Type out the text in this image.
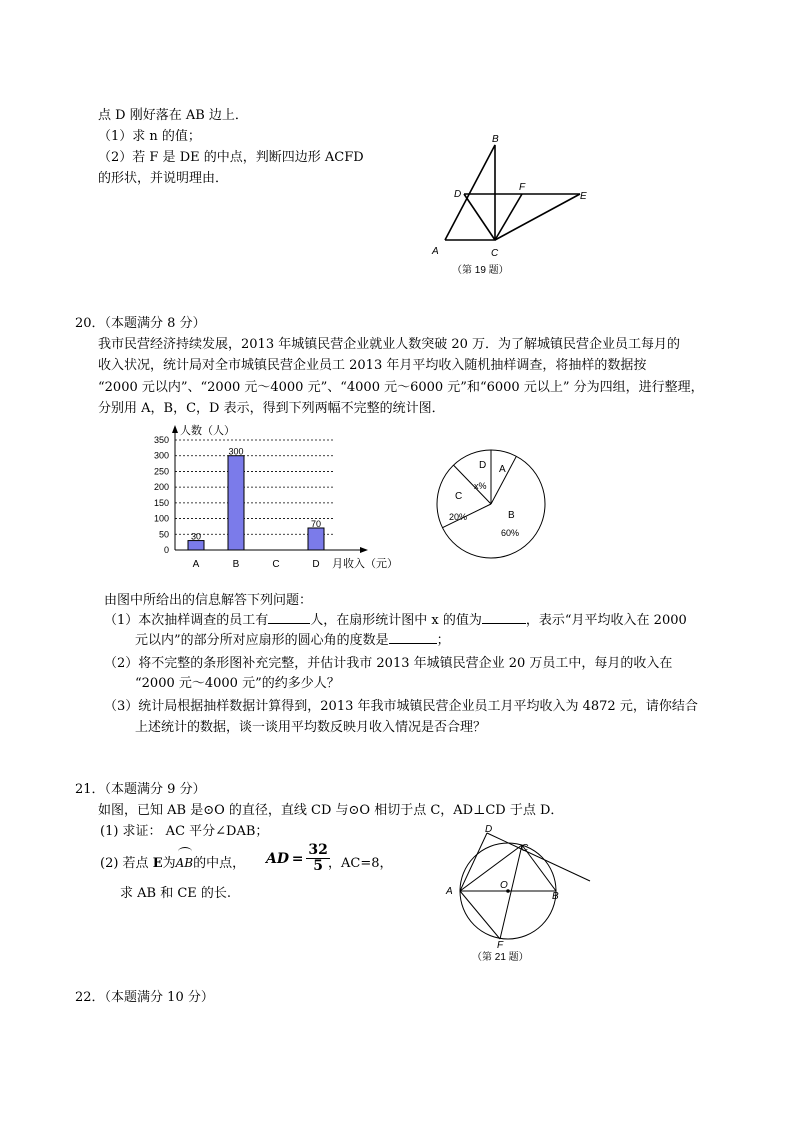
点 D 刚好落在 AB 边上．
（1）求 n 的值；
（2）若 F 是 DE 的中点，判断四边形 ACFD
的形状，并说明理由．
B
D
F
E
A	C
（第 19 题）
20．（本题满分 8 分）
我市民营经济持续发展，2013 年城镇民营企业就业人数突破 20 万．为了解城镇民营企业员工每月的
收入状况，统计局对全市城镇民营企业员工 2013 年月平均收入随机抽样调查，将抽样的数据按
“2000 元以内”、“2000 元～4000 元”、“4000 元～6000 元”和“6000 元以上” 分为四组，进行整理，
分别用 A，B，C，D 表示，得到下列两幅不完整的统计图．
0
50
100
150
200
250
300
350
30
300
70
A	B	C	D
人数（人）
月收入（元）
A
B
60%
C
20%
D
x%
由图中所给出的信息解答下列问题：
（1）本次抽样调查的员工有	人，在扇形统计图中 x 的值为	，表示“月平均收入在 2000
元以内”的部分所对应扇形的圆心角的度数是	；
（2）将不完整的条形图补充完整，并估计我市 2013 年城镇民营企业 20 万员工中，每月的收入在
“2000 元～4000 元”的约多少人？
（3）统计局根据抽样数据计算得到，2013 年我市城镇民营企业员工月平均收入为 4872 元，请你结合
上述统计的数据，谈一谈用平均数反映月收入情况是否合理？
21．（本题满分 9 分）
如图，已知 AB 是⊙O 的直径，直线 CD 与⊙O 相切于点 C，AD⊥CD 于点 D．
(1) 求证： AC 平分∠DAB；
(2) 若点 E为
AB的中点， AD =  $\frac{32}{5}$
，AC=8，
求 AB 和 CE 的长.
D
C
A
O
B
F
（第 21 题）
22．（本题满分 10 分）
